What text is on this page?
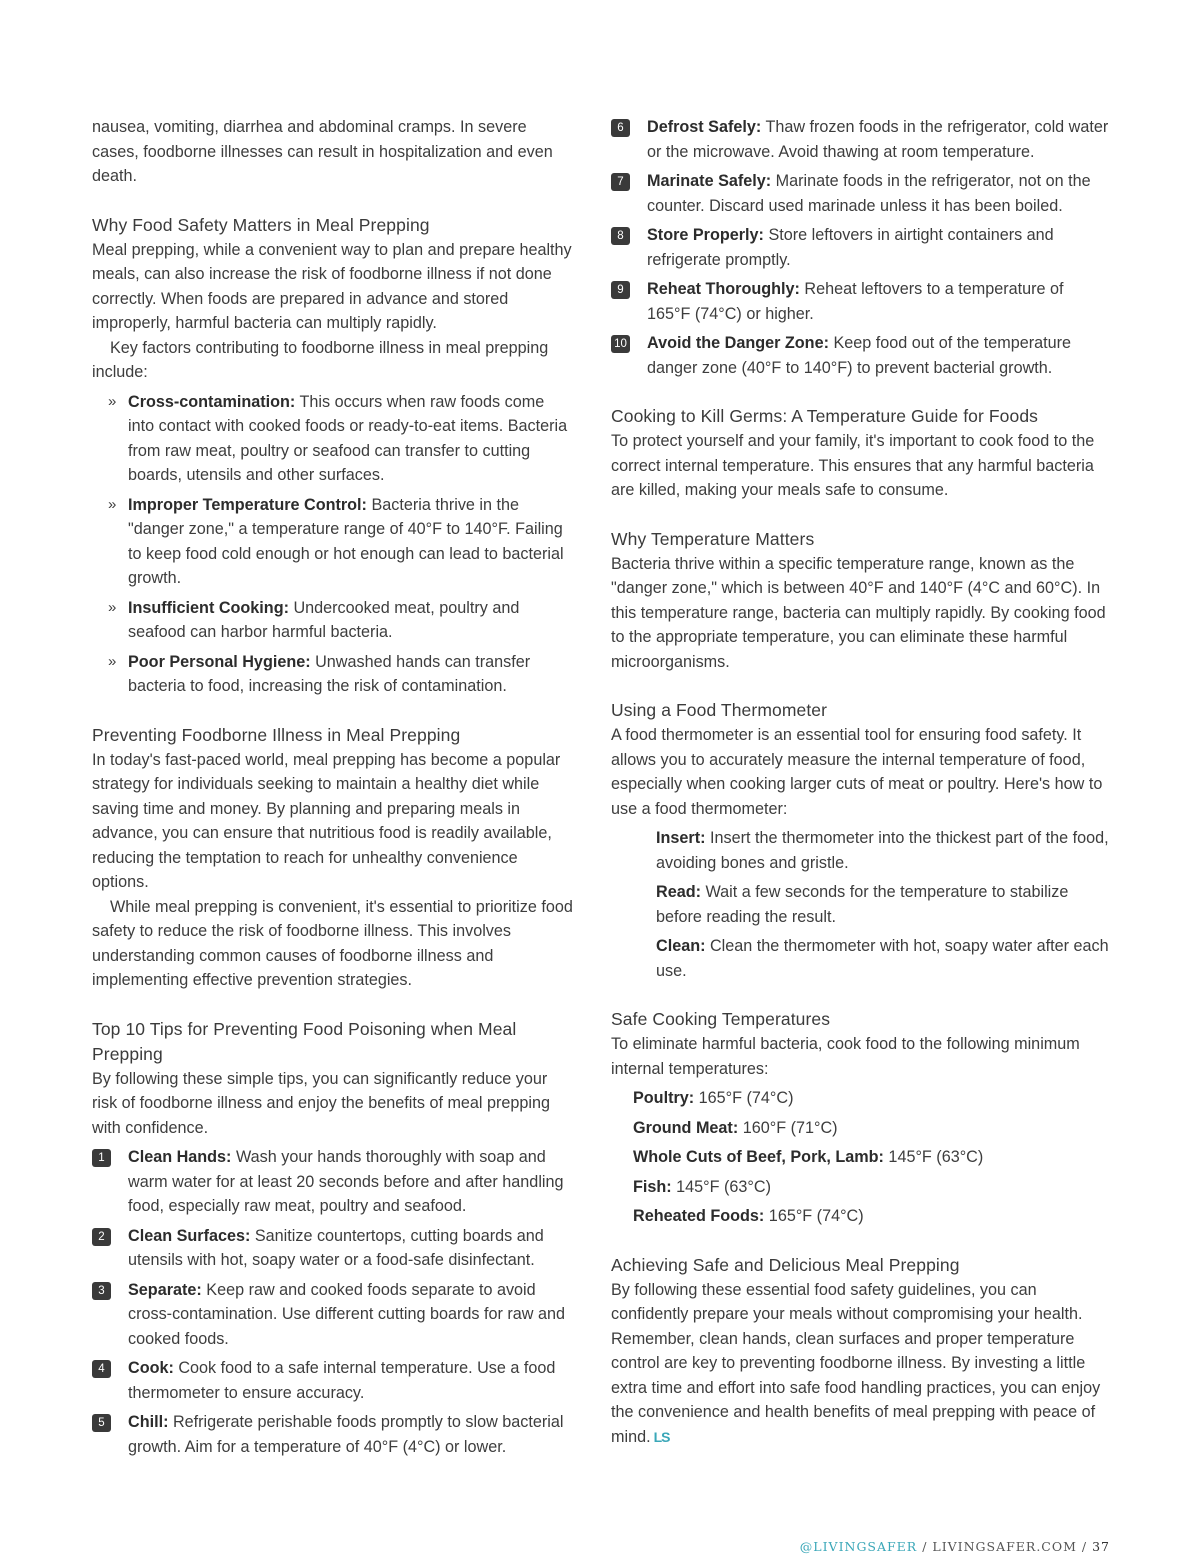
nausea, vomiting, diarrhea and abdominal cramps. In severe cases, foodborne illnesses can result in hospitalization and even death.

Why Food Safety Matters in Meal Prepping

Meal prepping, while a convenient way to plan and prepare healthy meals, can also increase the risk of foodborne illness if not done correctly. When foods are prepared in advance and stored improperly, harmful bacteria can multiply rapidly.

Key factors contributing to foodborne illness in meal prepping include:

» Cross-contamination: This occurs when raw foods come into contact with cooked foods or ready-to-eat items. Bacteria from raw meat, poultry or seafood can transfer to cutting boards, utensils and other surfaces.
» Improper Temperature Control: Bacteria thrive in the "danger zone," a temperature range of 40°F to 140°F. Failing to keep food cold enough or hot enough can lead to bacterial growth.
» Insufficient Cooking: Undercooked meat, poultry and seafood can harbor harmful bacteria.
» Poor Personal Hygiene: Unwashed hands can transfer bacteria to food, increasing the risk of contamination.
Preventing Foodborne Illness in Meal Prepping

In today's fast-paced world, meal prepping has become a popular strategy for individuals seeking to maintain a healthy diet while saving time and money. By planning and preparing meals in advance, you can ensure that nutritious food is readily available, reducing the temptation to reach for unhealthy convenience options.

While meal prepping is convenient, it's essential to prioritize food safety to reduce the risk of foodborne illness. This involves understanding common causes of foodborne illness and implementing effective prevention strategies.

Top 10 Tips for Preventing Food Poisoning when Meal Prepping

By following these simple tips, you can significantly reduce your risk of foodborne illness and enjoy the benefits of meal prepping with confidence.

1	Clean Hands: Wash your hands thoroughly with soap and warm water for at least 20 seconds before and after handling food, especially raw meat, poultry and seafood.
2	Clean Surfaces: Sanitize countertops, cutting boards and utensils with hot, soapy water or a food-safe disinfectant.
3	Separate: Keep raw and cooked foods separate to avoid cross-contamination. Use different cutting boards for raw and cooked foods.
4	Cook: Cook food to a safe internal temperature. Use a food thermometer to ensure accuracy.
5	Chill: Refrigerate perishable foods promptly to slow bacterial growth. Aim for a temperature of 40°F (4°C) or lower.
6	Defrost Safely: Thaw frozen foods in the refrigerator, cold water or the microwave. Avoid thawing at room temperature.
7	Marinate Safely: Marinate foods in the refrigerator, not on the counter. Discard used marinade unless it has been boiled.
8	Store Properly: Store leftovers in airtight containers and refrigerate promptly.
9	Reheat Thoroughly: Reheat leftovers to a temperature of 165°F (74°C) or higher.
10 Avoid the Danger Zone: Keep food out of the temperature danger zone (40°F to 140°F) to prevent bacterial growth.
Cooking to Kill Germs: A Temperature Guide for Foods

To protect yourself and your family, it's important to cook food to the correct internal temperature. This ensures that any harmful bacteria are killed, making your meals safe to consume.

Why Temperature Matters

Bacteria thrive within a specific temperature range, known as the "danger zone," which is between 40°F and 140°F (4°C and 60°C). In this temperature range, bacteria can multiply rapidly. By cooking food to the appropriate temperature, you can eliminate these harmful microorganisms.

Using a Food Thermometer

A food thermometer is an essential tool for ensuring food safety. It allows you to accurately measure the internal temperature of food, especially when cooking larger cuts of meat or poultry. Here's how to use a food thermometer:

Insert: Insert the thermometer into the thickest part of the food, avoiding bones and gristle.
Read: Wait a few seconds for the temperature to stabilize before reading the result.
Clean: Clean the thermometer with hot, soapy water after each use.
Safe Cooking Temperatures

To eliminate harmful bacteria, cook food to the following minimum internal temperatures:

Poultry: 165°F (74°C)
Ground Meat: 160°F (71°C)
Whole Cuts of Beef, Pork, Lamb: 145°F (63°C)
Fish: 145°F (63°C)
Reheated Foods: 165°F (74°C)
Achieving Safe and Delicious Meal Prepping

By following these essential food safety guidelines, you can confidently prepare your meals without compromising your health. Remember, clean hands, clean surfaces and proper temperature control are key to preventing foodborne illness. By investing a little extra time and effort into safe food handling practices, you can enjoy the convenience and health benefits of meal prepping with peace of mind. LS

@LIVINGSAFER / LIVINGSAFER.COM / 37
